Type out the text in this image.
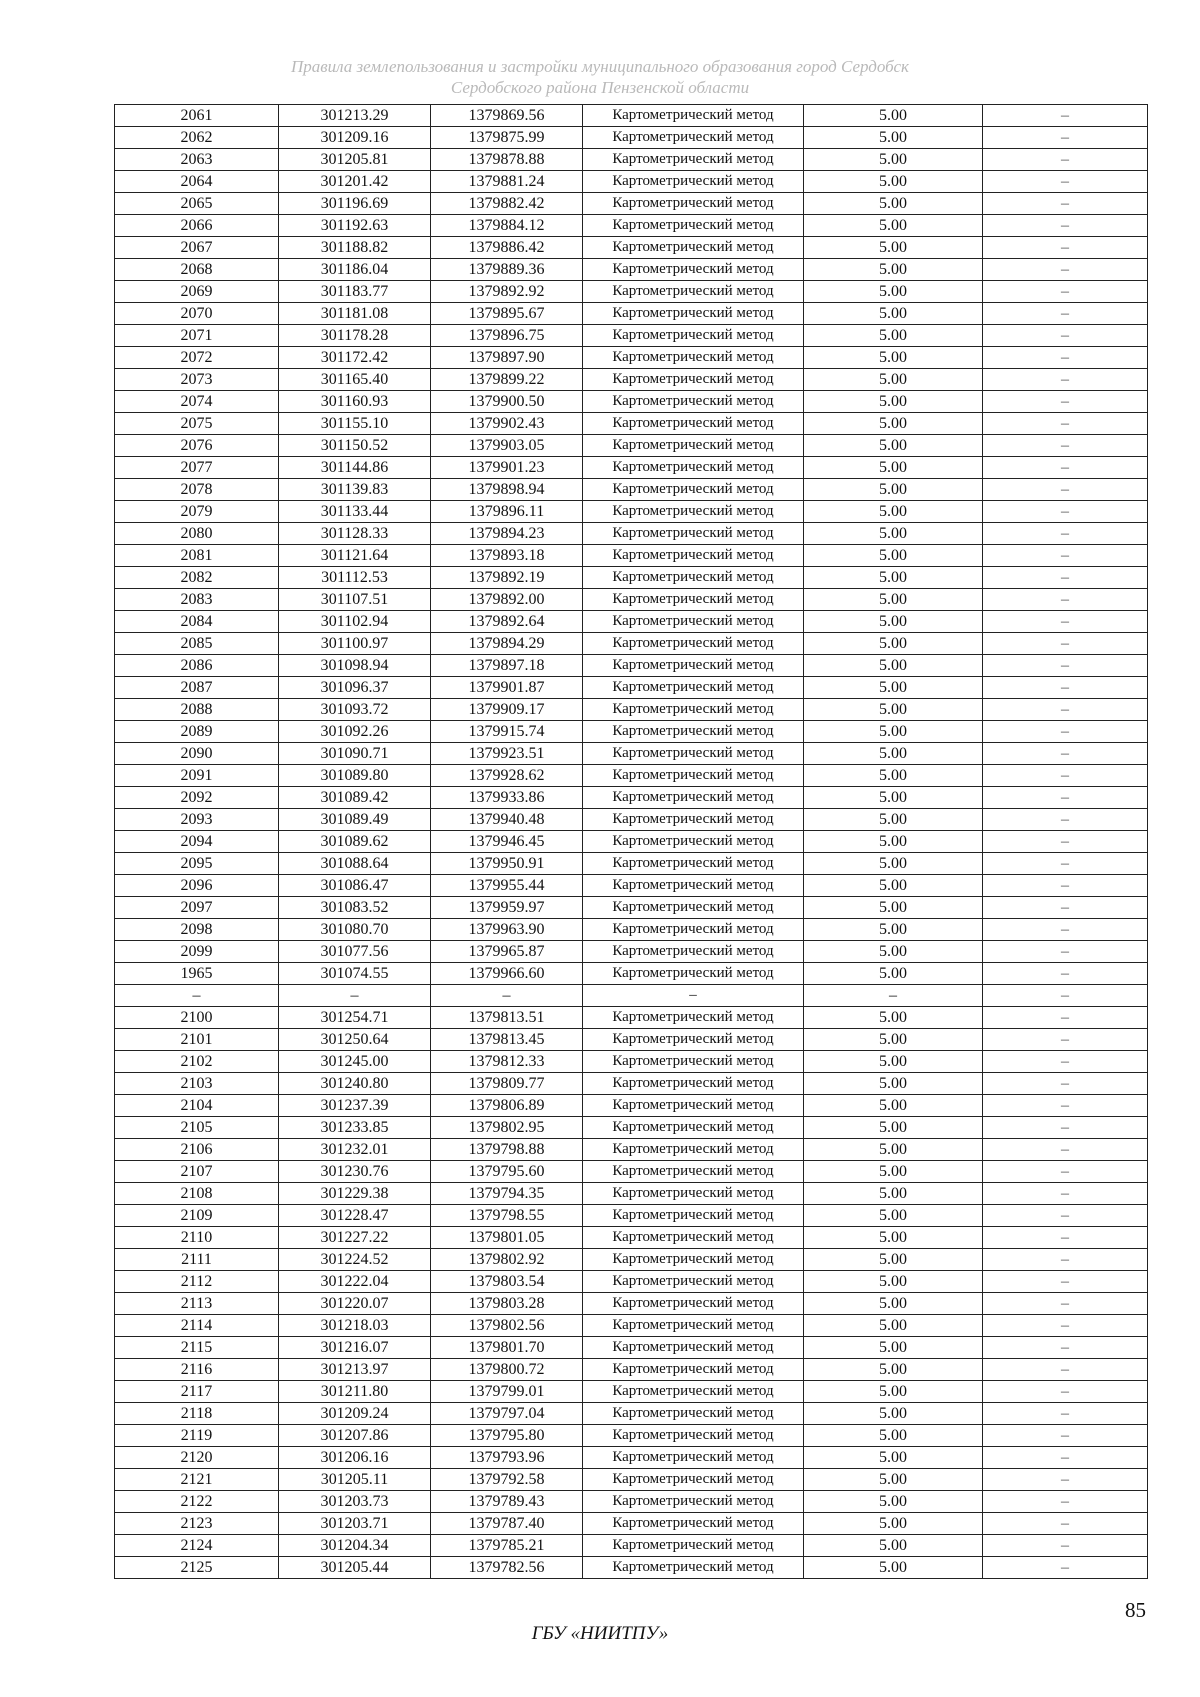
Правила землепользования и застройки муниципального образования город Сердобск
Сердобского района Пензенской области
2061	301213.29	1379869.56	Картометрический метод	5.00	–
2062	301209.16	1379875.99	Картометрический метод	5.00	–
2063	301205.81	1379878.88	Картометрический метод	5.00	–
2064	301201.42	1379881.24	Картометрический метод	5.00	–
2065	301196.69	1379882.42	Картометрический метод	5.00	–
2066	301192.63	1379884.12	Картометрический метод	5.00	–
2067	301188.82	1379886.42	Картометрический метод	5.00	–
2068	301186.04	1379889.36	Картометрический метод	5.00	–
2069	301183.77	1379892.92	Картометрический метод	5.00	–
2070	301181.08	1379895.67	Картометрический метод	5.00	–
2071	301178.28	1379896.75	Картометрический метод	5.00	–
2072	301172.42	1379897.90	Картометрический метод	5.00	–
2073	301165.40	1379899.22	Картометрический метод	5.00	–
2074	301160.93	1379900.50	Картометрический метод	5.00	–
2075	301155.10	1379902.43	Картометрический метод	5.00	–
2076	301150.52	1379903.05	Картометрический метод	5.00	–
2077	301144.86	1379901.23	Картометрический метод	5.00	–
2078	301139.83	1379898.94	Картометрический метод	5.00	–
2079	301133.44	1379896.11	Картометрический метод	5.00	–
2080	301128.33	1379894.23	Картометрический метод	5.00	–
2081	301121.64	1379893.18	Картометрический метод	5.00	–
2082	301112.53	1379892.19	Картометрический метод	5.00	–
2083	301107.51	1379892.00	Картометрический метод	5.00	–
2084	301102.94	1379892.64	Картометрический метод	5.00	–
2085	301100.97	1379894.29	Картометрический метод	5.00	–
2086	301098.94	1379897.18	Картометрический метод	5.00	–
2087	301096.37	1379901.87	Картометрический метод	5.00	–
2088	301093.72	1379909.17	Картометрический метод	5.00	–
2089	301092.26	1379915.74	Картометрический метод	5.00	–
2090	301090.71	1379923.51	Картометрический метод	5.00	–
2091	301089.80	1379928.62	Картометрический метод	5.00	–
2092	301089.42	1379933.86	Картометрический метод	5.00	–
2093	301089.49	1379940.48	Картометрический метод	5.00	–
2094	301089.62	1379946.45	Картометрический метод	5.00	–
2095	301088.64	1379950.91	Картометрический метод	5.00	–
2096	301086.47	1379955.44	Картометрический метод	5.00	–
2097	301083.52	1379959.97	Картометрический метод	5.00	–
2098	301080.70	1379963.90	Картометрический метод	5.00	–
2099	301077.56	1379965.87	Картометрический метод	5.00	–
1965	301074.55	1379966.60	Картометрический метод	5.00	–
–	–	–	–	–	–
2100	301254.71	1379813.51	Картометрический метод	5.00	–
2101	301250.64	1379813.45	Картометрический метод	5.00	–
2102	301245.00	1379812.33	Картометрический метод	5.00	–
2103	301240.80	1379809.77	Картометрический метод	5.00	–
2104	301237.39	1379806.89	Картометрический метод	5.00	–
2105	301233.85	1379802.95	Картометрический метод	5.00	–
2106	301232.01	1379798.88	Картометрический метод	5.00	–
2107	301230.76	1379795.60	Картометрический метод	5.00	–
2108	301229.38	1379794.35	Картометрический метод	5.00	–
2109	301228.47	1379798.55	Картометрический метод	5.00	–
2110	301227.22	1379801.05	Картометрический метод	5.00	–
2111	301224.52	1379802.92	Картометрический метод	5.00	–
2112	301222.04	1379803.54	Картометрический метод	5.00	–
2113	301220.07	1379803.28	Картометрический метод	5.00	–
2114	301218.03	1379802.56	Картометрический метод	5.00	–
2115	301216.07	1379801.70	Картометрический метод	5.00	–
2116	301213.97	1379800.72	Картометрический метод	5.00	–
2117	301211.80	1379799.01	Картометрический метод	5.00	–
2118	301209.24	1379797.04	Картометрический метод	5.00	–
2119	301207.86	1379795.80	Картометрический метод	5.00	–
2120	301206.16	1379793.96	Картометрический метод	5.00	–
2121	301205.11	1379792.58	Картометрический метод	5.00	–
2122	301203.73	1379789.43	Картометрический метод	5.00	–
2123	301203.71	1379787.40	Картометрический метод	5.00	–
2124	301204.34	1379785.21	Картометрический метод	5.00	–
2125	301205.44	1379782.56	Картометрический метод	5.00	–
85
ГБУ «НИИТПУ»
